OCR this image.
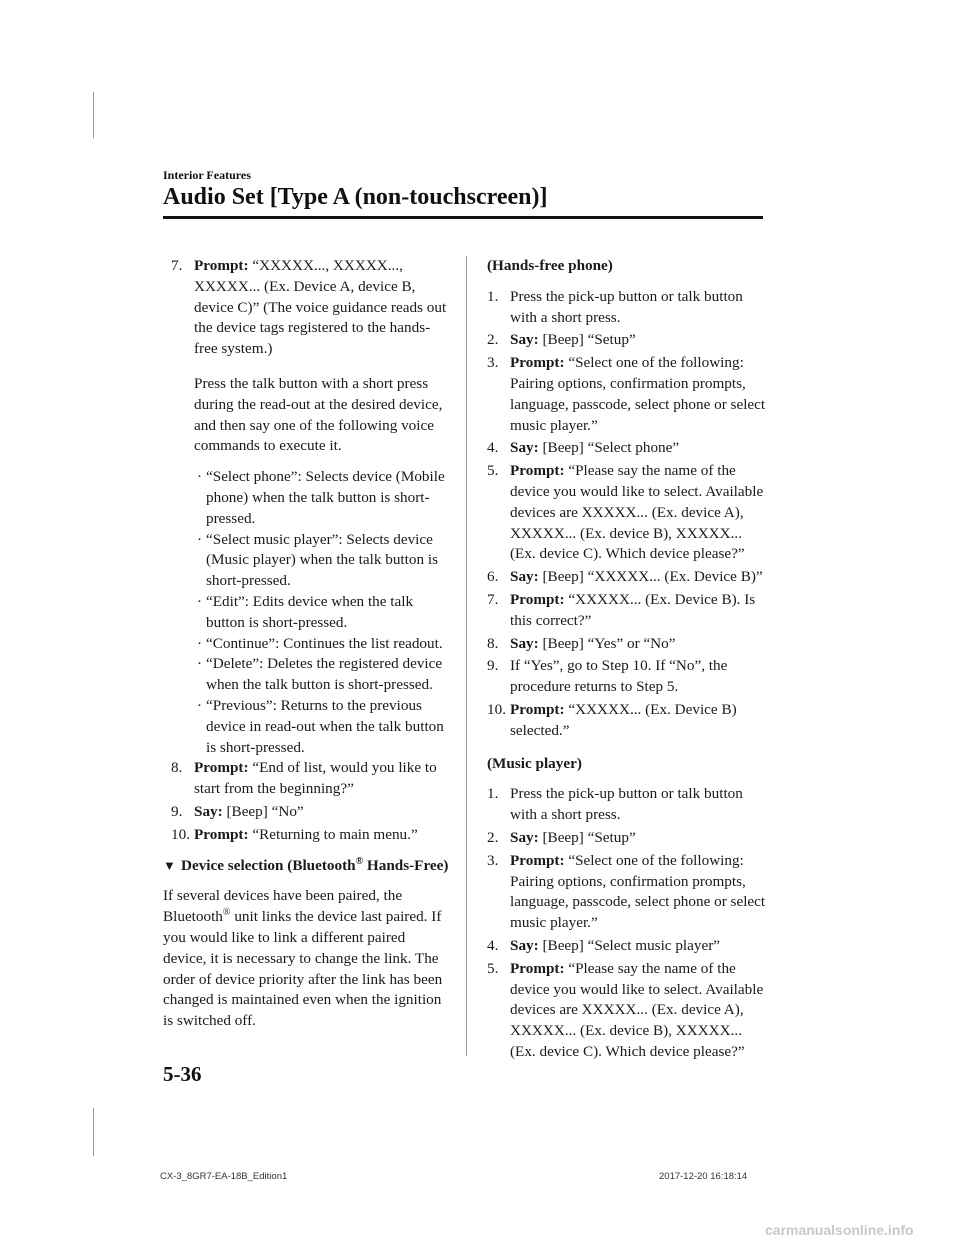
Interior Features
Audio Set [Type A (non-touchscreen)]
7. Prompt: “XXXXX..., XXXXX..., XXXXX... (Ex. Device A, device B, device C)” (The voice guidance reads out the device tags registered to the hands-free system.)

Press the talk button with a short press during the read-out at the desired device, and then say one of the following voice commands to execute it.

· “Select phone”: Selects device (Mobile phone) when the talk button is short-pressed.
· “Select music player”: Selects device (Music player) when the talk button is short-pressed.
· “Edit”: Edits device when the talk button is short-pressed.
· “Continue”: Continues the list readout.
· “Delete”: Deletes the registered device when the talk button is short-pressed.
· “Previous”: Returns to the previous device in read-out when the talk button is short-pressed.
8. Prompt: “End of list, would you like to start from the beginning?”
9. Say: [Beep] “No”
10. Prompt: “Returning to main menu.”
▼ Device selection (Bluetooth® Hands-Free)

If several devices have been paired, the Bluetooth® unit links the device last paired. If you would like to link a different paired device, it is necessary to change the link. The order of device priority after the link has been changed is maintained even when the ignition is switched off.

(Hands-free phone)
1. Press the pick-up button or talk button with a short press.
2. Say: [Beep] “Setup”
3. Prompt: “Select one of the following: Pairing options, confirmation prompts, language, passcode, select phone or select music player.”
4. Say: [Beep] “Select phone”
5. Prompt: “Please say the name of the device you would like to select. Available devices are XXXXX... (Ex. device A), XXXXX... (Ex. device B), XXXXX... (Ex. device C). Which device please?”
6. Say: [Beep] “XXXXX... (Ex. Device B)”
7. Prompt: “XXXXX... (Ex. Device B). Is this correct?”
8. Say: [Beep] “Yes” or “No”
9. If “Yes”, go to Step 10. If “No”, the procedure returns to Step 5.
10. Prompt: “XXXXX... (Ex. Device B) selected.”
(Music player)
1. Press the pick-up button or talk button with a short press.
2. Say: [Beep] “Setup”
3. Prompt: “Select one of the following: Pairing options, confirmation prompts, language, passcode, select phone or select music player.”
4. Say: [Beep] “Select music player”
5. Prompt: “Please say the name of the device you would like to select. Available devices are XXXXX... (Ex. device A), XXXXX... (Ex. device B), XXXXX... (Ex. device C). Which device please?”
5-36
CX-3_8GR7-EA-18B_Edition1	2017-12-20 16:18:14
carmanualsonline.info
